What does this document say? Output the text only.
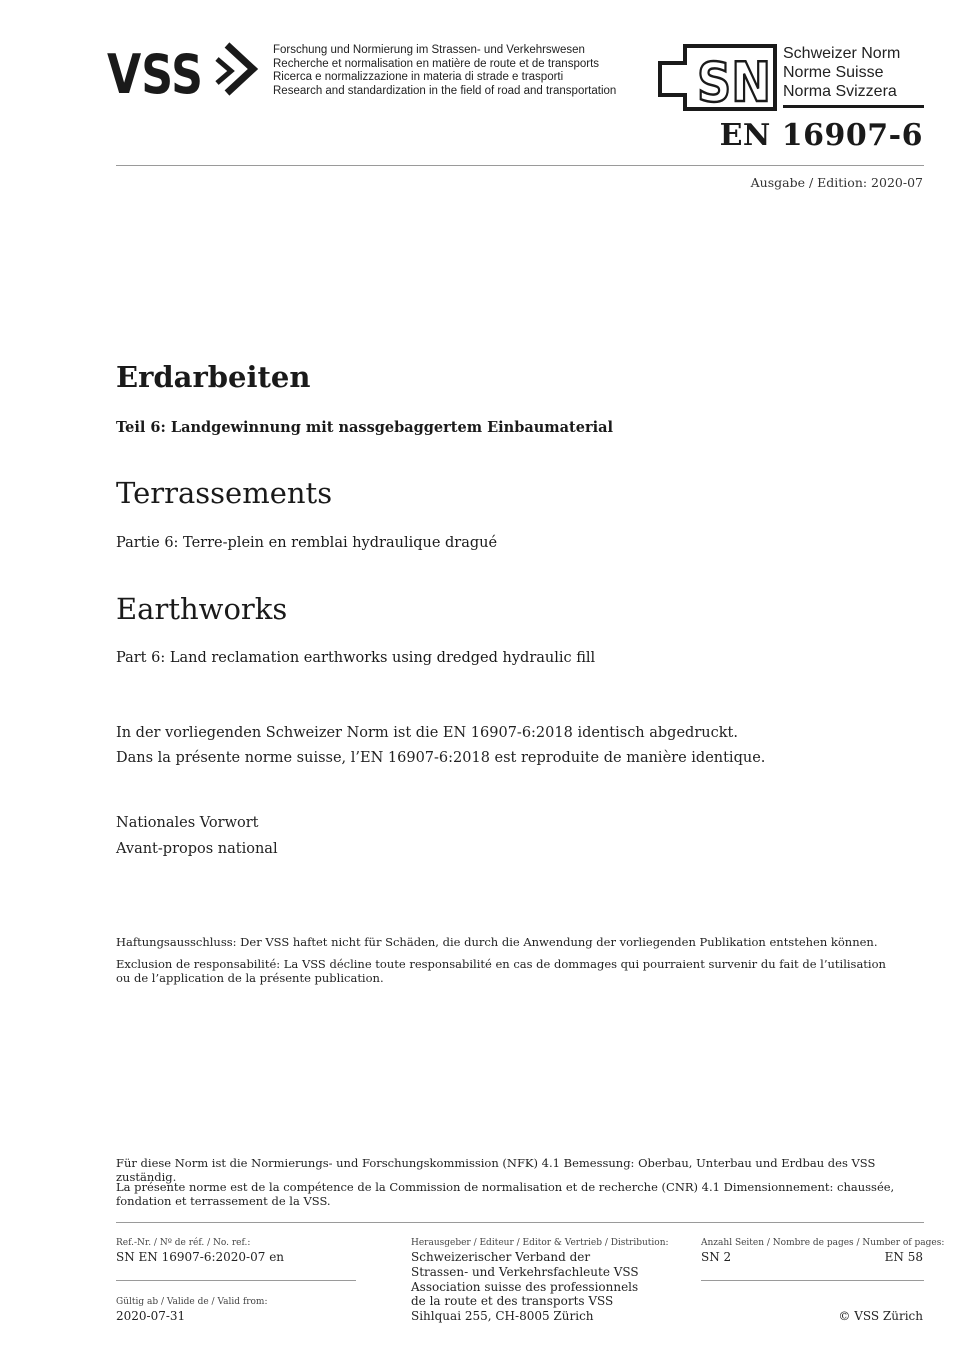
VSS	Forschung und Normierung im Strassen- und Verkehrswesen
Recherche et normalisation en matière de route et de transports
Ricerca e normalizzazione in materia di strade e trasporti
Research and standardization in the field of road and transportation SN Schweizer Norm
Norme Suisse
Norma Svizzera
EN 16907-6
Ausgabe / Edition: 2020-07
Erdarbeiten
Teil 6: Landgewinnung mit nassgebaggertem Einbaumaterial
Terrassements
Partie 6: Terre-plein en remblai hydraulique dragué
Earthworks
Part 6: Land reclamation earthworks using dredged hydraulic fill
In der vorliegenden Schweizer Norm ist die EN 16907-6:2018 identisch abgedruckt.
Dans la présente norme suisse, l’EN 16907-6:2018 est reproduite de manière identique.
Nationales Vorwort
Avant-propos national
Haftungsausschluss: Der VSS haftet nicht für Schäden, die durch die Anwendung der vorliegenden Publikation entstehen können.
Exclusion de responsabilité: La VSS décline toute responsabilité en cas de dommages qui pourraient survenir du fait de l’utilisation ou de l’application de la présente publication.
Für diese Norm ist die Normierungs- und Forschungskommission (NFK) 4.1 Bemessung: Oberbau, Unterbau und Erdbau des VSS zuständig.
La présente norme est de la compétence de la Commission de normalisation et de recherche (CNR) 4.1 Dimensionnement: chaussée, fondation et terrassement de la VSS.
Ref.-Nr. / Nº de réf. / No. ref.:
SN EN 16907-6:2020-07 en
Gültig ab / Valide de / Valid from:
2020-07-31
Herausgeber / Editeur / Editor & Vertrieb / Distribution:
Schweizerischer Verband der
Strassen- und Verkehrsfachleute VSS
Association suisse des professionnels
de la route et des transports VSS
Sihlquai 255, CH-8005 Zürich
Anzahl Seiten / Nombre de pages / Number of pages:
SN 2	EN 58
© VSS Zürich
